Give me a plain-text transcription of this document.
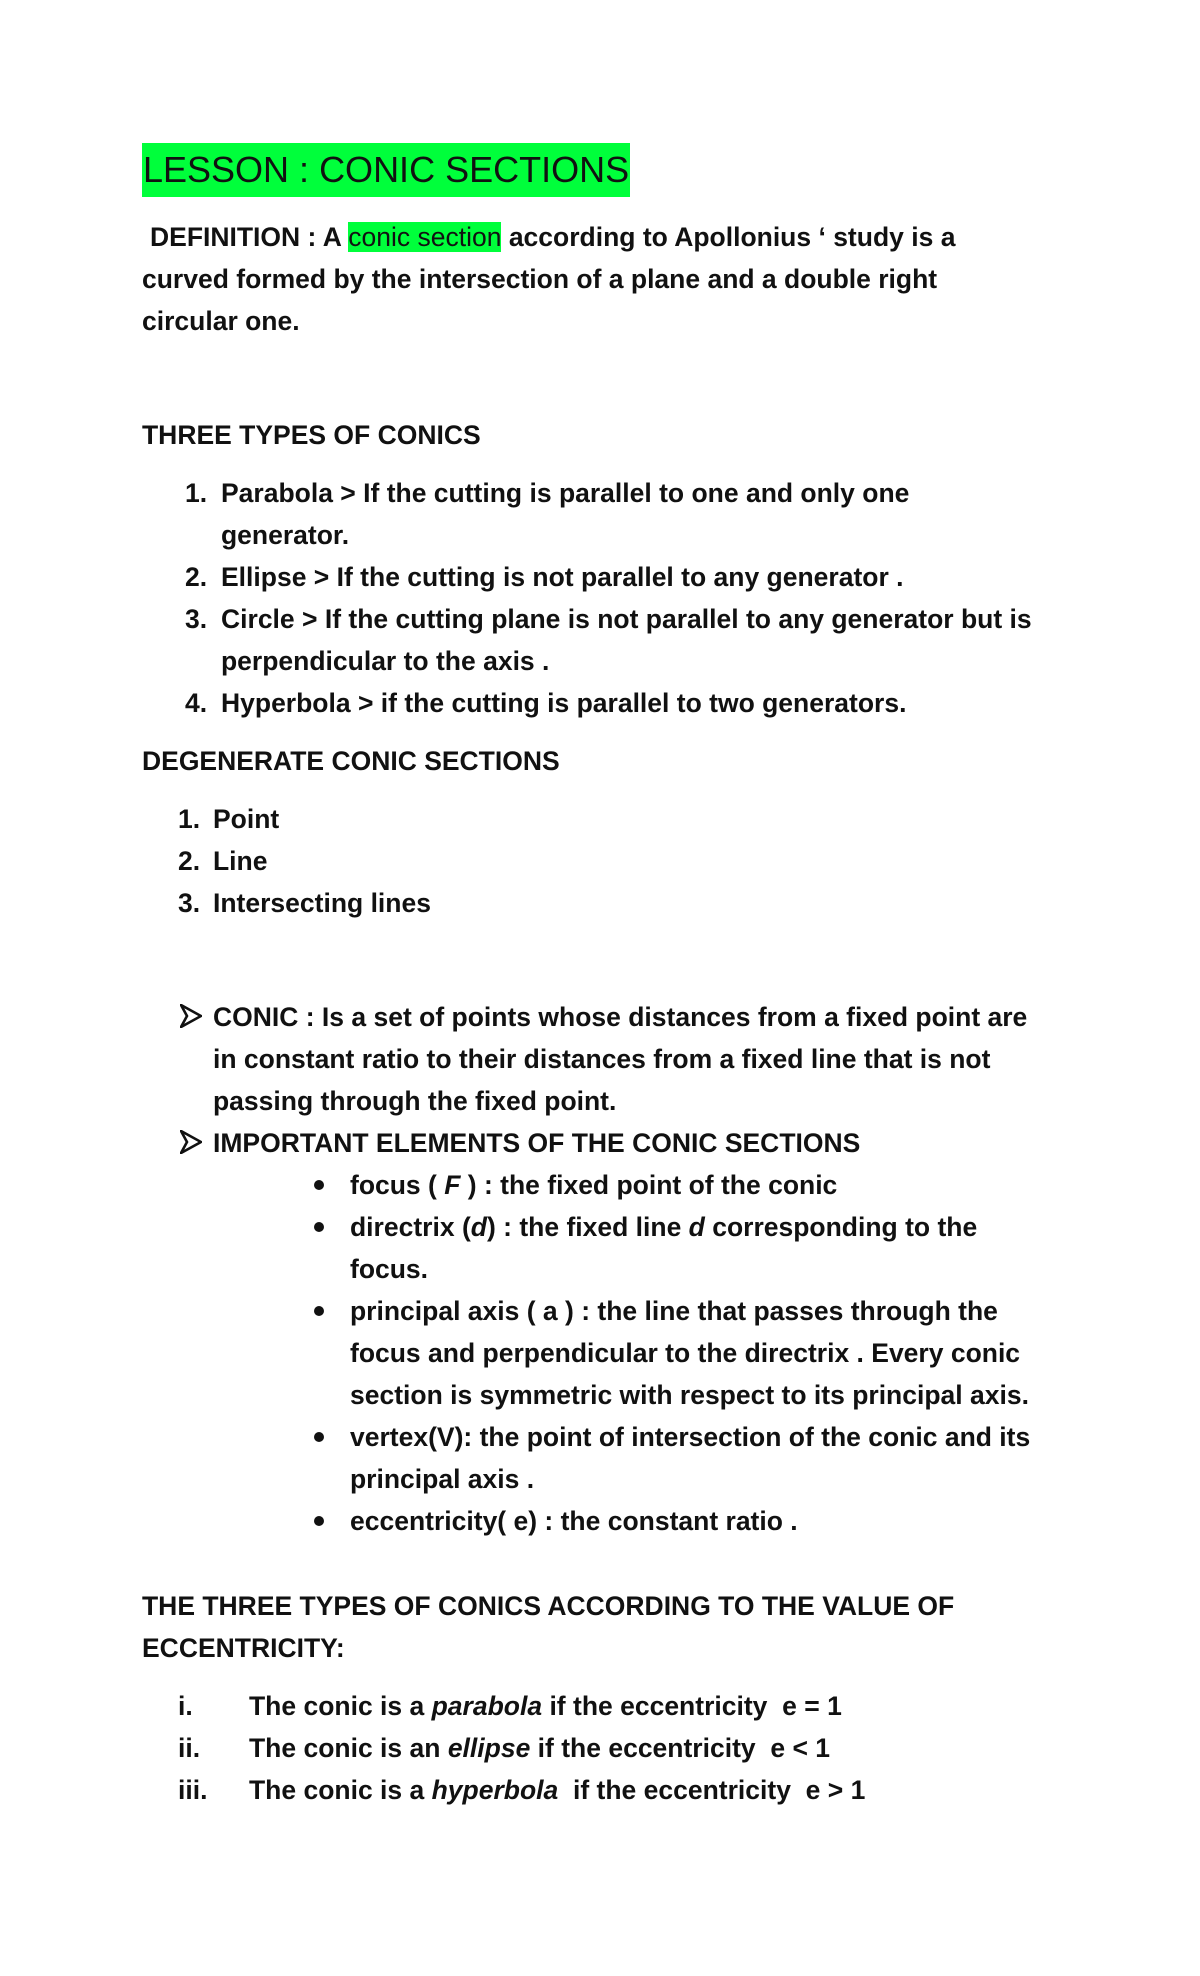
LESSON : CONIC SECTIONS
DEFINITION : A conic section according to Apollonius ‘ study is a
curved formed by the intersection of a plane and a double right
circular one.
THREE TYPES OF CONICS
1. Parabola > If the cutting is parallel to one and only one
generator.
2. Ellipse > If the cutting is not parallel to any generator .
3. Circle > If the cutting plane is not parallel to any generator but is
perpendicular to the axis .
4. Hyperbola > if the cutting is parallel to two generators.
DEGENERATE CONIC SECTIONS
1. Point
2. Line
3. Intersecting lines
CONIC : Is a set of points whose distances from a fixed point are
in constant ratio to their distances from a fixed line that is not
passing through the fixed point.
IMPORTANT ELEMENTS OF THE CONIC SECTIONS
focus ( F ) : the fixed point of the conic
directrix (d) : the fixed line d corresponding to the
focus.
principal axis ( a ) : the line that passes through the
focus and perpendicular to the directrix . Every conic
section is symmetric with respect to its principal axis.
vertex(V): the point of intersection of the conic and its
principal axis .
eccentricity( e) : the constant ratio .
THE THREE TYPES OF CONICS ACCORDING TO THE VALUE OF
ECCENTRICITY:
i. The conic is a parabola if the eccentricity  e = 1
ii. The conic is an ellipse if the eccentricity  e < 1
iii. The conic is a hyperbola  if the eccentricity  e > 1
